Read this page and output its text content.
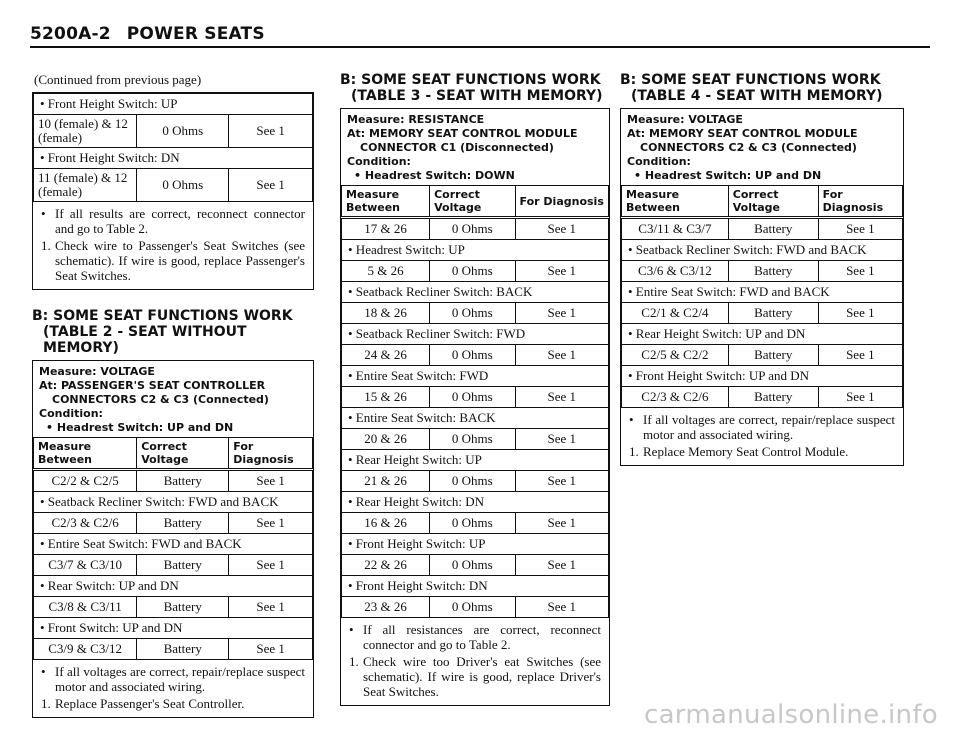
5200A-2 POWER SEATS
(Continued from previous page)
• Front Height Switch: UP		
10 (female) & 12 (female)	0 Ohms	See 1
• Front Height Switch: DN		
11 (female) & 12 (female)	0 Ohms	See 1
• If all results are correct, reconnect connector and go to Table 2.
1. Check wire to Passenger's Seat Switches (see schematic). If wire is good, replace Passenger's Seat Switches.
B: SOME SEAT FUNCTIONS WORK

(TABLE 2 - SEAT WITHOUT
MEMORY)
Measure: VOLTAGE
At: PASSENGER'S SEAT CONTROLLER
CONNECTORS C2 & C3 (Connected)
Condition:
• Headrest Switch: UP and DN
Measure Between	Correct Voltage	For Diagnosis
C2/2 & C2/5	Battery	See 1
• Seatback Recliner Switch: FWD and BACK		
C2/3 & C2/6	Battery	See 1
• Entire Seat Switch: FWD and BACK		
C3/7 & C3/10	Battery	See 1
• Rear Switch: UP and DN		
C3/8 & C3/11	Battery	See 1
• Front Switch: UP and DN		
C3/9 & C3/12	Battery	See 1
• If all voltages are correct, repair/replace suspect motor and associated wiring.
1. Replace Passenger's Seat Controller.
B: SOME SEAT FUNCTIONS WORK

(TABLE 3 - SEAT WITH MEMORY)
Measure: RESISTANCE
At: MEMORY SEAT CONTROL MODULE
CONNECTOR C1 (Disconnected)
Condition:
• Headrest Switch: DOWN
Measure Between	Correct Voltage	For Diagnosis
17 & 26	0 Ohms	See 1
• Headrest Switch: UP		
5 & 26	0 Ohms	See 1
• Seatback Recliner Switch: BACK		
18 & 26	0 Ohms	See 1
• Seatback Recliner Switch: FWD		
24 & 26	0 Ohms	See 1
• Entire Seat Switch: FWD		
15 & 26	0 Ohms	See 1
• Entire Seat Switch: BACK		
20 & 26	0 Ohms	See 1
• Rear Height Switch: UP		
21 & 26	0 Ohms	See 1
• Rear Height Switch: DN		
16 & 26	0 Ohms	See 1
• Front Height Switch: UP		
22 & 26	0 Ohms	See 1
• Front Height Switch: DN		
23 & 26	0 Ohms	See 1
• If all resistances are correct, reconnect connector and go to Table 2.
1. Check wire too Driver's eat Switches (see schematic). If wire is good, replace Driver's Seat Switches.
B: SOME SEAT FUNCTIONS WORK

(TABLE 4 - SEAT WITH MEMORY)
Measure: VOLTAGE
At: MEMORY SEAT CONTROL MODULE
CONNECTORS C2 & C3 (Connected)
Condition:
• Headrest Switch: UP and DN
Measure Between	Correct Voltage	For Diagnosis
C3/11 & C3/7	Battery	See 1
• Seatback Recliner Switch: FWD and BACK		
C3/6 & C3/12	Battery	See 1
• Entire Seat Switch: FWD and BACK		
C2/1 & C2/4	Battery	See 1
• Rear Height Switch: UP and DN		
C2/5 & C2/2	Battery	See 1
• Front Height Switch: UP and DN		
C2/3 & C2/6	Battery	See 1
• If all voltages are correct, repair/replace suspect motor and associated wiring.
1. Replace Memory Seat Control Module.
carmanualsonline.info
